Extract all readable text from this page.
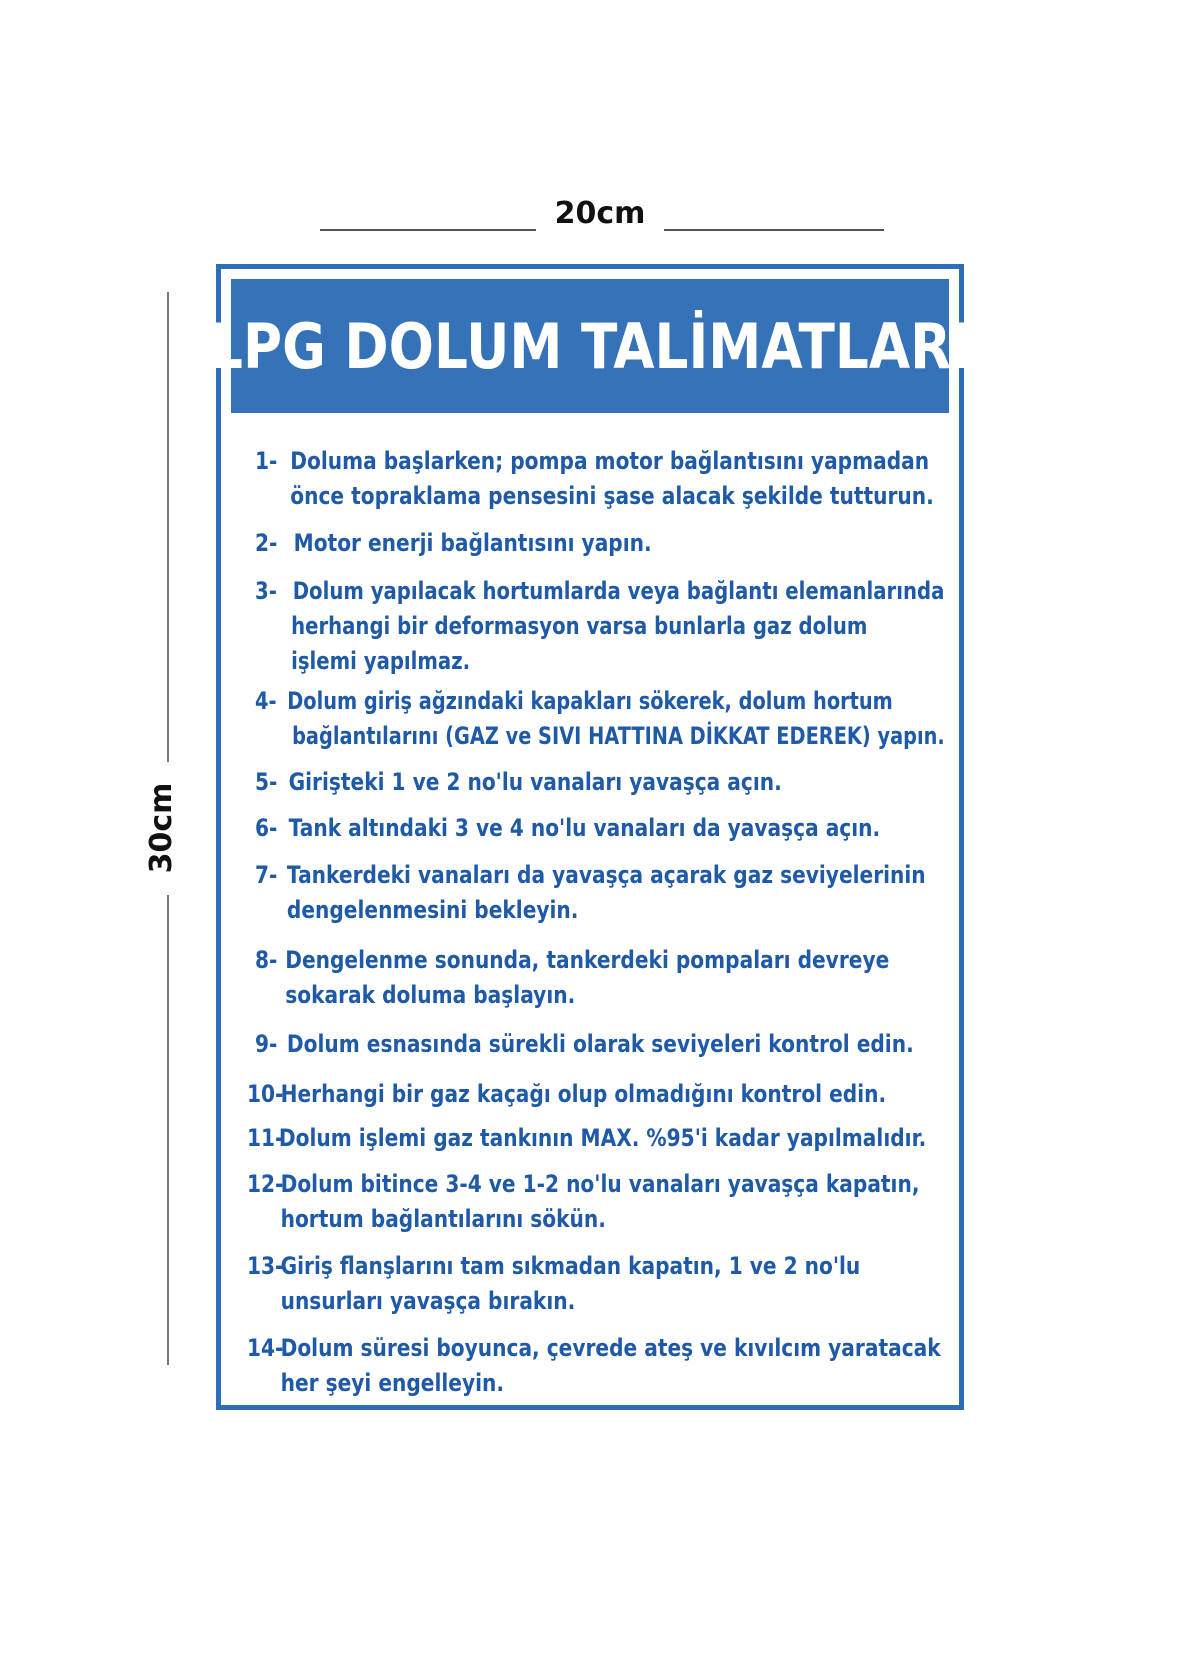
20cm
30cm
LPG DOLUM TALİMATLARI
1- Doluma başlarken; pompa motor bağlantısını yapmadan
önce topraklama pensesini şase alacak şekilde tutturun.
2- Motor enerji bağlantısını yapın.
3- Dolum yapılacak hortumlarda veya bağlantı elemanlarında
herhangi bir deformasyon varsa bunlarla gaz dolum
işlemi yapılmaz.
4- Dolum giriş ağzındaki kapakları sökerek, dolum hortum
bağlantılarını (GAZ ve SIVI HATTINA DİKKAT EDEREK) yapın.
5- Girişteki 1 ve 2 no'lu vanaları yavaşça açın.
6- Tank altındaki 3 ve 4 no'lu vanaları da yavaşça açın.
7- Tankerdeki vanaları da yavaşça açarak gaz seviyelerinin
dengelenmesini bekleyin.
8- Dengelenme sonunda, tankerdeki pompaları devreye
sokarak doluma başlayın.
9- Dolum esnasında sürekli olarak seviyeleri kontrol edin.
10-Herhangi bir gaz kaçağı olup olmadığını kontrol edin.
11-Dolum işlemi gaz tankının MAX. %95'i kadar yapılmalıdır.
12-Dolum bitince 3-4 ve 1-2 no'lu vanaları yavaşça kapatın,
hortum bağlantılarını sökün.
13-Giriş flanşlarını tam sıkmadan kapatın, 1 ve 2 no'lu
unsurları yavaşça bırakın.
14-Dolum süresi boyunca, çevrede ateş ve kıvılcım yaratacak
her şeyi engelleyin.
